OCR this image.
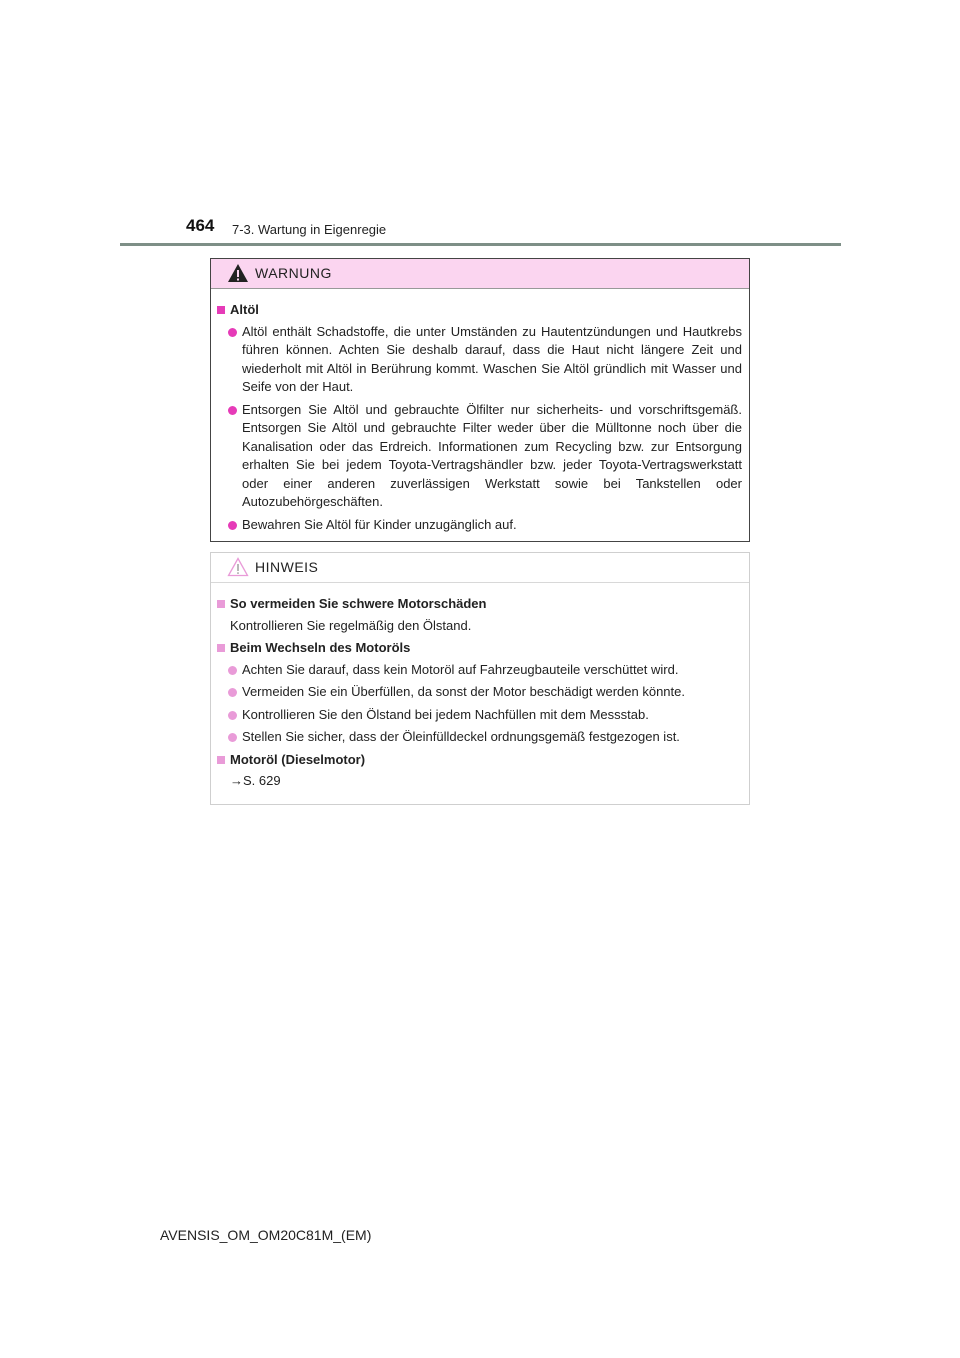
464 7-3. Wartung in Eigenregie
WARNUNG
Altöl
Altöl enthält Schadstoffe, die unter Umständen zu Hautentzündungen und Hautkrebs führen können. Achten Sie deshalb darauf, dass die Haut nicht längere Zeit und wiederholt mit Altöl in Berührung kommt. Waschen Sie Altöl gründlich mit Wasser und Seife von der Haut.
Entsorgen Sie Altöl und gebrauchte Ölfilter nur sicherheits- und vorschriftsgemäß. Entsorgen Sie Altöl und gebrauchte Filter weder über die Mülltonne noch über die Kanalisation oder das Erdreich. Informationen zum Recycling bzw. zur Entsorgung erhalten Sie bei jedem Toyota-Vertragshändler bzw. jeder Toyota-Vertragswerkstatt oder einer anderen zuverlässigen Werkstatt sowie bei Tankstellen oder Autozubehörgeschäften.
Bewahren Sie Altöl für Kinder unzugänglich auf.
HINWEIS
So vermeiden Sie schwere Motorschäden
Kontrollieren Sie regelmäßig den Ölstand.
Beim Wechseln des Motoröls
Achten Sie darauf, dass kein Motoröl auf Fahrzeugbauteile verschüttet wird.
Vermeiden Sie ein Überfüllen, da sonst der Motor beschädigt werden könnte.
Kontrollieren Sie den Ölstand bei jedem Nachfüllen mit dem Messstab.
Stellen Sie sicher, dass der Öleinfülldeckel ordnungsgemäß festgezogen ist.
Motoröl (Dieselmotor)
→S. 629
AVENSIS_OM_OM20C81M_(EM)
